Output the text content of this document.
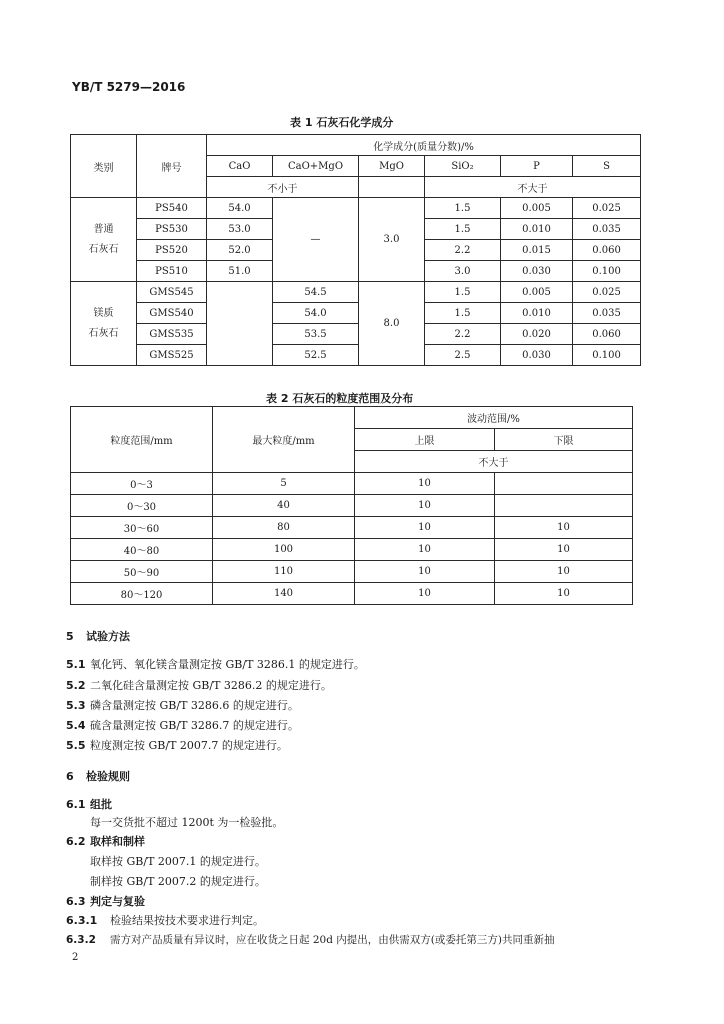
YB/T 5279—2016
表 1 石灰石化学成分
类别	牌号	化学成分(质量分数)/%					
		CaO	CaO+MgO	MgO	SiO₂	P	S
		不小于			不大于		
普通
石灰石	PS540	54.0	—	3.0	1.5	0.005	0.025
	PS530	53.0			1.5	0.010	0.035
	PS520	52.0			2.2	0.015	0.060
	PS510	51.0			3.0	0.030	0.100
镁质
石灰石	GMS545		54.5	8.0	1.5	0.005	0.025
	GMS540		54.0		1.5	0.010	0.035
	GMS535		53.5		2.2	0.020	0.060
	GMS525		52.5		2.5	0.030	0.100
表 2 石灰石的粒度范围及分布
粒度范围/mm	最大粒度/mm	波动范围/%	
		上限	下限
		不大于	
0～3	5	10	
0～30	40	10	
30～60	80	10	10
40～80	100	10	10
50～90	110	10	10
80～120	140	10	10
5 试验方法
5.1 氧化钙、氧化镁含量测定按 GB/T 3286.1 的规定进行。
5.2 二氧化硅含量测定按 GB/T 3286.2 的规定进行。
5.3 磷含量测定按 GB/T 3286.6 的规定进行。
5.4 硫含量测定按 GB/T 3286.7 的规定进行。
5.5 粒度测定按 GB/T 2007.7 的规定进行。
6 检验规则
6.1 组批
每一交货批不超过 1200t 为一检验批。
6.2 取样和制样
取样按 GB/T 2007.1 的规定进行。
制样按 GB/T 2007.2 的规定进行。
6.3 判定与复验
6.3.1 检验结果按技术要求进行判定。
6.3.2 需方对产品质量有异议时，应在收货之日起 20d 内提出，由供需双方(或委托第三方)共同重新抽
2
